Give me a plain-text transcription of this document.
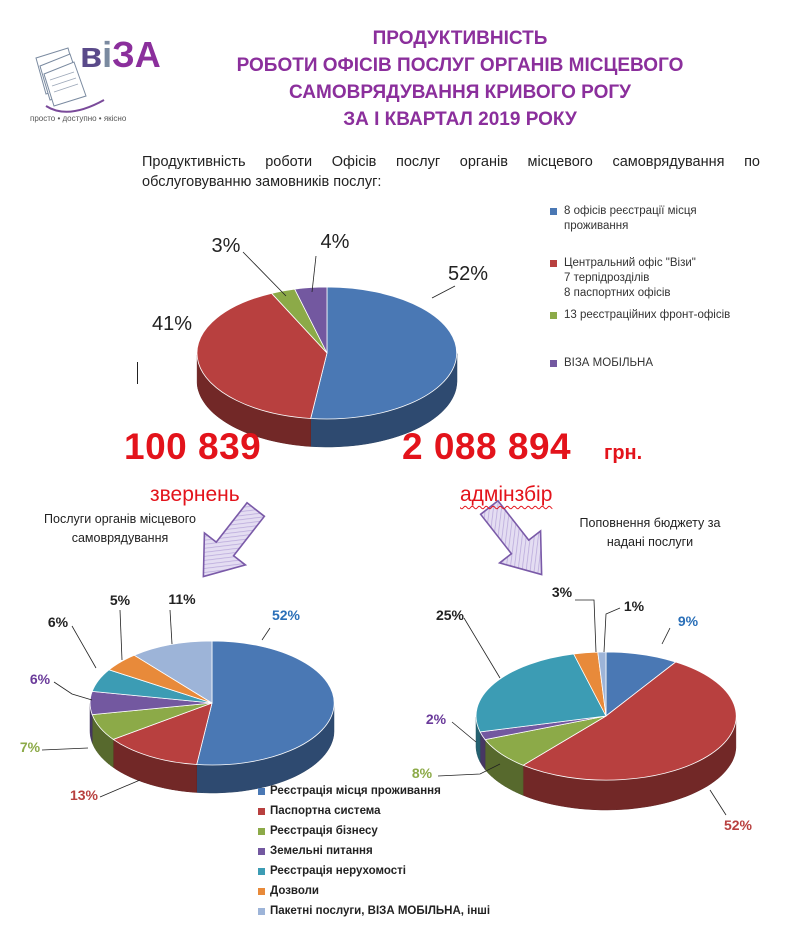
віЗА
просто • доступно • якісно
ПРОДУКТИВНІСТЬ
РОБОТИ ОФІСІВ ПОСЛУГ ОРГАНІВ МІСЦЕВОГО
САМОВРЯДУВАННЯ КРИВОГО РОГУ
ЗА І КВАРТАЛ 2019 РОКУ
Продуктивність роботи Офісів послуг органів місцевого самоврядування по обслуговуванню замовників послуг:
52%
41%
3%	4%
52%
13%
7%
6%
6%
5%	11%
9%
52%
8%
2%
25%
3%
1%
8 офісів реєстрації місця
проживання
Центральний офіс "Візи"
7 терпідрозділів
8 паспортних офісів
13 реєстраційних фронт-офісів
ВІЗА МОБІЛЬНА
100 839	2 088 894 грн.
звернень	адмінзбір
Послуги органів місцевого самоврядування
Поповнення бюджету за надані послуги
Реєстрація місця проживання
Паспортна система
Реєстрація бізнесу
Земельні питання
Реєстрація нерухомості
Дозволи
Пакетні послуги, ВІЗА МОБІЛЬНА, інші
